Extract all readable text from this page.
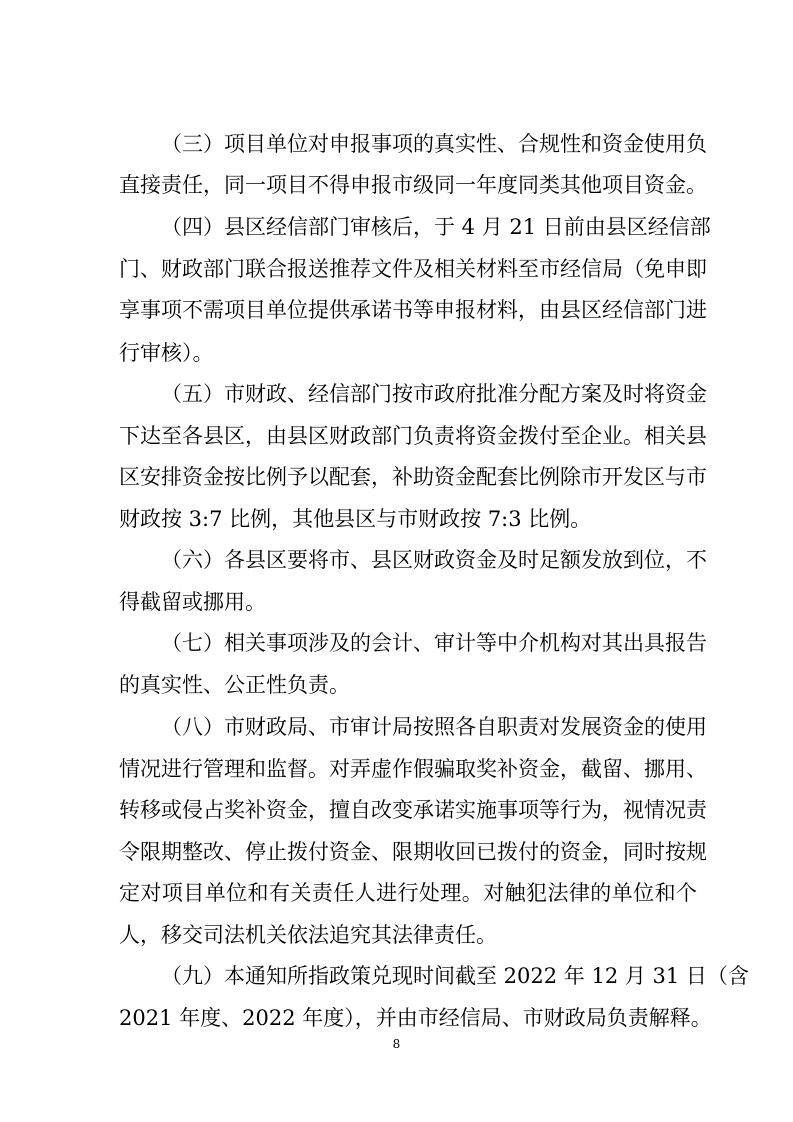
（三）项目单位对申报事项的真实性、合规性和资金使用负
直接责任，同一项目不得申报市级同一年度同类其他项目资金。
（四）县区经信部门审核后，于 4 月 21 日前由县区经信部
门、财政部门联合报送推荐文件及相关材料至市经信局（免申即
享事项不需项目单位提供承诺书等申报材料，由县区经信部门进
行审核）。
（五）市财政、经信部门按市政府批准分配方案及时将资金
下达至各县区，由县区财政部门负责将资金拨付至企业。相关县
区安排资金按比例予以配套，补助资金配套比例除市开发区与市
财政按 3:7 比例，其他县区与市财政按 7:3 比例。
（六）各县区要将市、县区财政资金及时足额发放到位，不
得截留或挪用。
（七）相关事项涉及的会计、审计等中介机构对其出具报告
的真实性、公正性负责。
（八）市财政局、市审计局按照各自职责对发展资金的使用
情况进行管理和监督。对弄虚作假骗取奖补资金，截留、挪用、
转移或侵占奖补资金，擅自改变承诺实施事项等行为，视情况责
令限期整改、停止拨付资金、限期收回已拨付的资金，同时按规
定对项目单位和有关责任人进行处理。对触犯法律的单位和个
人，移交司法机关依法追究其法律责任。
（九）本通知所指政策兑现时间截至 2022 年 12 月 31 日（含
2021 年度、2022 年度），并由市经信局、市财政局负责解释。
8
